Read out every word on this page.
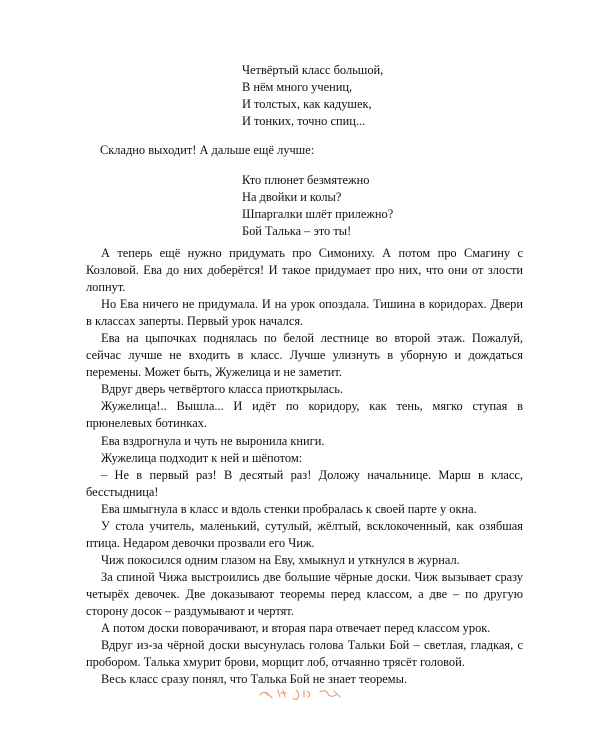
Четвёртый класс большой,
В нём много учениц,
И толстых, как кадушек,
И тонких, точно спиц...
Складно выходит! А дальше ещё лучше:
Кто плюнет безмятежно
На двойки и колы?
Шпаргалки шлёт прилежно?
Бой Талька – это ты!

А теперь ещё нужно придумать про Симониху. А потом про Смагину с Козловой. Ева до них доберётся! И такое придумает про них, что они от злости лопнут.

Но Ева ничего не придумала. И на урок опоздала. Тишина в коридорах. Двери в классах заперты. Первый урок начался.

Ева на цыпочках поднялась по белой лестнице во второй этаж. Пожалуй, сейчас лучше не входить в класс. Лучше улизнуть в уборную и дождаться перемены. Может быть, Жужелица и не заметит.

Вдруг дверь четвёртого класса приоткрылась.

Жужелица!.. Вышла... И идёт по коридору, как тень, мягко ступая в прюнелевых ботинках.

Ева вздрогнула и чуть не выронила книги.

Жужелица подходит к ней и шёпотом:

– Не в первый раз! В десятый раз! Доложу начальнице. Марш в класс, бесстыдница!

Ева шмыгнула в класс и вдоль стенки пробралась к своей парте у окна.

У стола учитель, маленький, сутулый, жёлтый, всклокоченный, как озябшая птица. Недаром девочки прозвали его Чиж.

Чиж покосился одним глазом на Еву, хмыкнул и уткнулся в журнал.

За спиной Чижа выстроились две большие чёрные доски. Чиж вызывает сразу четырёх девочек. Две доказывают теоремы перед классом, а две – по другую сторону досок – раздумывают и чертят.

А потом доски поворачивают, и вторая пара отвечает перед классом урок.

Вдруг из-за чёрной доски высунулась голова Тальки Бой – светлая, гладкая, с пробором. Талька хмурит брови, морщит лоб, отчаянно трясёт головой.

Весь класс сразу понял, что Талька Бой не знает теоремы.
